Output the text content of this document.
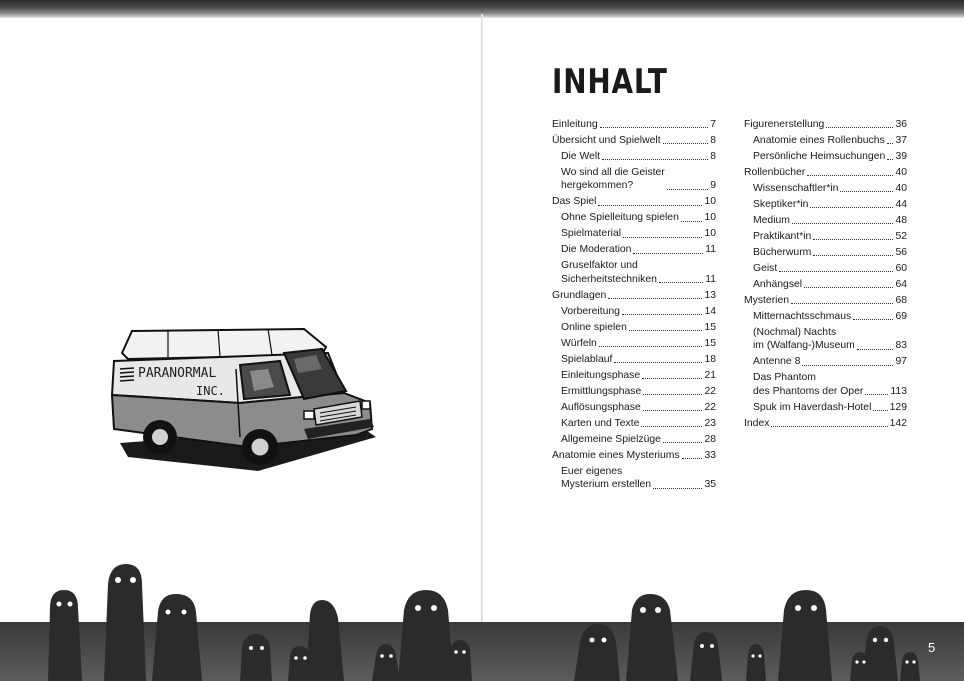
PARANORMAL
INC.
INHALT
Einleitung	7
Übersicht und Spielwelt	8
Die Welt	8
Wo sind all die Geister
hergekommen?	9
Das Spiel	10
Ohne Spielleitung spielen 10
Spielmaterial	10
Die Moderation	11
Gruselfaktor und
Sicherheitstechniken	11
Grundlagen	13
Vorbereitung	14
Online spielen	15
Würfeln	15
Spielablauf	18
Einleitungsphase	21
Ermittlungsphase	22
Auflösungsphase	22
Karten und Texte	23
Allgemeine Spielzüge	28
Anatomie eines Mysteriums 33
Euer eigenes
Mysterium erstellen	35
Figurenerstellung	36
Anatomie eines Rollenbuchs 37
Persönliche Heimsuchungen 39
Rollenbücher	40
Wissenschaftler*in	40
Skeptiker*in	44
Medium	48
Praktikant*in	52
Bücherwurm	56
Geist	60
Anhängsel	64
Mysterien	68
Mitternachtsschmaus	69
(Nochmal) Nachts
im (Walfang-)Museum	83
Antenne 8	97
Das Phantom
des Phantoms der Oper	113
Spuk im Haverdash-Hotel 129
Index	142
5
